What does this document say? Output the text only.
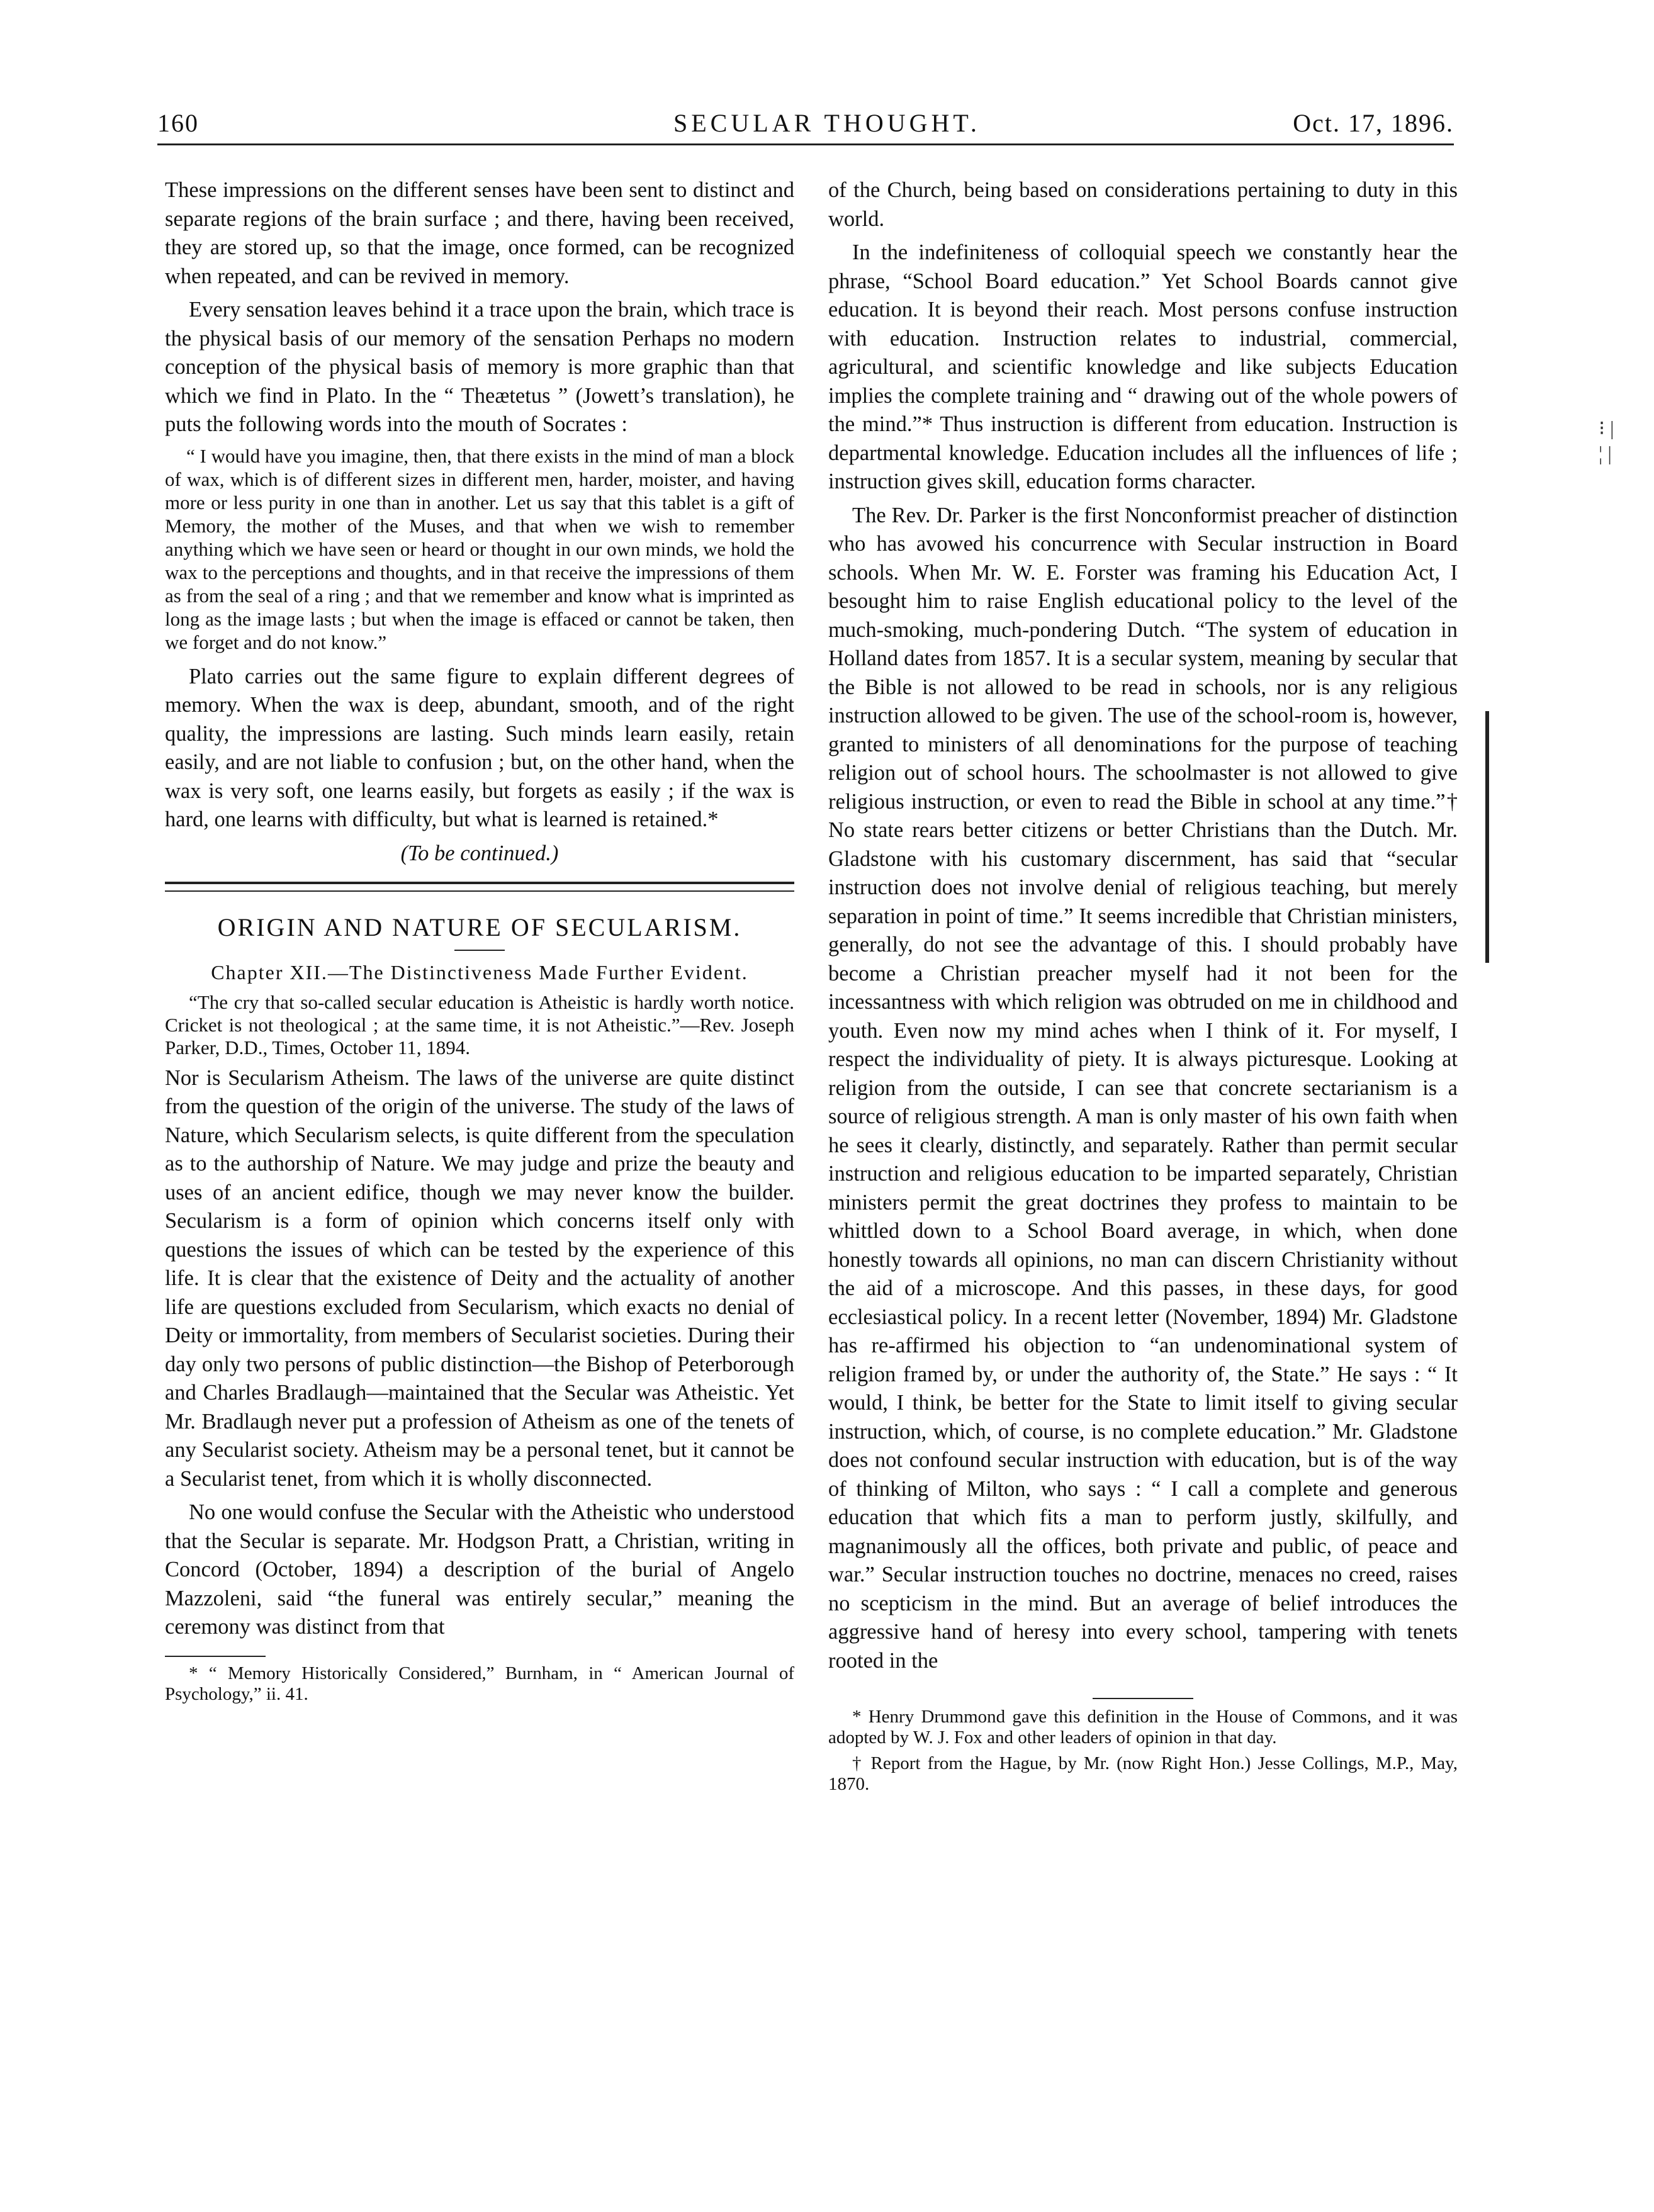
160	SECULAR THOUGHT.	Oct. 17, 1896.

These impressions on the different senses have been sent to distinct and separate regions of the brain surface ; and there, having been received, they are stored up, so that the image, once formed, can be recognized when repeated, and can be revived in memory.

Every sensation leaves behind it a trace upon the brain, which trace is the physical basis of our memory of the sensation Perhaps no modern conception of the physical basis of memory is more graphic than that which we find in Plato. In the “ Theætetus ” (Jowett’s translation), he puts the following words into the mouth of Socrates :

“ I would have you imagine, then, that there exists in the mind of man a block of wax, which is of different sizes in different men, harder, moister, and having more or less purity in one than in another. Let us say that this tablet is a gift of Memory, the mother of the Muses, and that when we wish to remember anything which we have seen or heard or thought in our own minds, we hold the wax to the perceptions and thoughts, and in that receive the impressions of them as from the seal of a ring ; and that we remember and know what is imprinted as long as the image lasts ; but when the image is effaced or cannot be taken, then we forget and do not know.”

Plato carries out the same figure to explain different degrees of memory. When the wax is deep, abundant, smooth, and of the right quality, the impressions are lasting. Such minds learn easily, retain easily, and are not liable to confusion ; but, on the other hand, when the wax is very soft, one learns easily, but forgets as easily ; if the wax is hard, one learns with difficulty, but what is learned is retained.*

(To be continued.)
ORIGIN AND NATURE OF SECULARISM.
Chapter XII.—The Distinctiveness Made Further Evident.

“The cry that so-called secular education is Atheistic is hardly worth notice. Cricket is not theological ; at the same time, it is not Atheistic.”—Rev. Joseph Parker, D.D., Times, October 11, 1894.

Nor is Secularism Atheism. The laws of the universe are quite distinct from the question of the origin of the universe. The study of the laws of Nature, which Secularism selects, is quite different from the speculation as to the authorship of Nature. We may judge and prize the beauty and uses of an ancient edifice, though we may never know the builder. Secularism is a form of opinion which concerns itself only with questions the issues of which can be tested by the experience of this life. It is clear that the existence of Deity and the actuality of another life are questions excluded from Secularism, which exacts no denial of Deity or immortality, from members of Secularist societies. During their day only two persons of public distinction—the Bishop of Peterborough and Charles Bradlaugh—maintained that the Secular was Atheistic. Yet Mr. Bradlaugh never put a profession of Atheism as one of the tenets of any Secularist society. Atheism may be a personal tenet, but it cannot be a Secularist tenet, from which it is wholly disconnected.

No one would confuse the Secular with the Atheistic who understood that the Secular is separate. Mr. Hodgson Pratt, a Christian, writing in Concord (October, 1894) a description of the burial of Angelo Mazzoleni, said “the funeral was entirely secular,” meaning the ceremony was distinct from that

* “ Memory Historically Considered,” Burnham, in “ American Journal of Psychology,” ii. 41.

of the Church, being based on considerations pertaining to duty in this world.

In the indefiniteness of colloquial speech we constantly hear the phrase, “School Board education.” Yet School Boards cannot give education. It is beyond their reach. Most persons confuse instruction with education. Instruction relates to industrial, commercial, agricultural, and scientific knowledge and like subjects Education implies the complete training and “ drawing out of the whole powers of the mind.”* Thus instruction is different from education. Instruction is departmental knowledge. Education includes all the influences of life ; instruction gives skill, education forms character.

The Rev. Dr. Parker is the first Nonconformist preacher of distinction who has avowed his concurrence with Secular instruction in Board schools. When Mr. W. E. Forster was framing his Education Act, I besought him to raise English educational policy to the level of the much-smoking, much-pondering Dutch. “The system of education in Holland dates from 1857. It is a secular system, meaning by secular that the Bible is not allowed to be read in schools, nor is any religious instruction allowed to be given. The use of the school-room is, however, granted to ministers of all denominations for the purpose of teaching religion out of school hours. The schoolmaster is not allowed to give religious instruction, or even to read the Bible in school at any time.”† No state rears better citizens or better Christians than the Dutch. Mr. Gladstone with his customary discernment, has said that “secular instruction does not involve denial of religious teaching, but merely separation in point of time.” It seems incredible that Christian ministers, generally, do not see the advantage of this. I should probably have become a Christian preacher myself had it not been for the incessantness with which religion was obtruded on me in childhood and youth. Even now my mind aches when I think of it. For myself, I respect the individuality of piety. It is always picturesque. Looking at religion from the outside, I can see that concrete sectarianism is a source of religious strength. A man is only master of his own faith when he sees it clearly, distinctly, and separately. Rather than permit secular instruction and religious education to be imparted separately, Christian ministers permit the great doctrines they profess to maintain to be whittled down to a School Board average, in which, when done honestly towards all opinions, no man can discern Christianity without the aid of a microscope. And this passes, in these days, for good ecclesiastical policy. In a recent letter (November, 1894) Mr. Gladstone has re-affirmed his objection to “an undenominational system of religion framed by, or under the authority of, the State.” He says : “ It would, I think, be better for the State to limit itself to giving secular instruction, which, of course, is no complete education.” Mr. Gladstone does not confound secular instruction with education, but is of the way of thinking of Milton, who says : “ I call a complete and generous education that which fits a man to perform justly, skilfully, and magnanimously all the offices, both private and public, of peace and war.” Secular instruction touches no doctrine, menaces no creed, raises no scepticism in the mind. But an average of belief introduces the aggressive hand of heresy into every school, tampering with tenets rooted in the

* Henry Drummond gave this definition in the House of Commons, and it was adopted by W. J. Fox and other leaders of opinion in that day.

† Report from the Hague, by Mr. (now Right Hon.) Jesse Collings, M.P., May, 1870.

⁝ | ¦ |
